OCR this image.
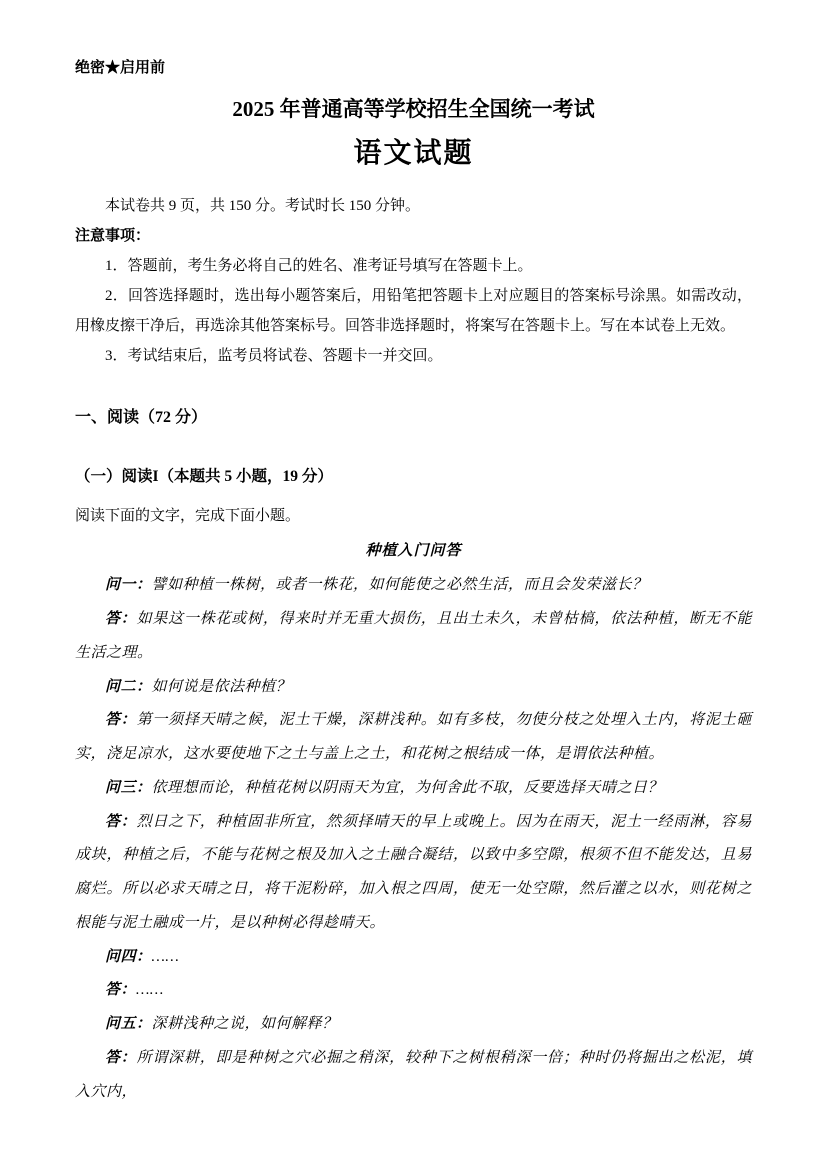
绝密★启用前
2025 年普通高等学校招生全国统一考试
语文试题

本试卷共 9 页，共 150 分。考试时长 150 分钟。

注意事项：

1．答题前，考生务必将自己的姓名、准考证号填写在答题卡上。

2．回答选择题时，选出每小题答案后，用铅笔把答题卡上对应题目的答案标号涂黑。如需改动，用橡皮擦干净后，再选涂其他答案标号。回答非选择题时，将案写在答题卡上。写在本试卷上无效。

3．考试结束后，监考员将试卷、答题卡一并交回。

一、阅读（72 分）
（一）阅读I（本题共 5 小题，19 分）

阅读下面的文字，完成下面小题。

种植入门问答

问一：譬如种植一株树，或者一株花，如何能使之必然生活，而且会发荣滋长？

答：如果这一株花或树，得来时并无重大损伤，且出土未久，未曾枯槁，依法种植，断无不能生活之理。

问二：如何说是依法种植？

答：第一须择天晴之候，泥土干燥，深耕浅种。如有多枝，勿使分枝之处埋入土内，将泥土砸实，浇足凉水，这水要使地下之土与盖上之土，和花树之根结成一体，是谓依法种植。

问三：依理想而论，种植花树以阴雨天为宜，为何舍此不取，反要选择天晴之日？

答：烈日之下，种植固非所宜，然须择晴天的早上或晚上。因为在雨天，泥土一经雨淋，容易成块，种植之后，不能与花树之根及加入之土融合凝结，以致中多空隙，根须不但不能发达，且易腐烂。所以必求天晴之日，将干泥粉碎，加入根之四周，使无一处空隙，然后灌之以水，则花树之根能与泥土融成一片，是以种树必得趁晴天。

问四：……

答：……

问五：深耕浅种之说，如何解释？

答：所谓深耕，即是种树之穴必掘之稍深，较种下之树根稍深一倍；种时仍将掘出之松泥，填入穴内，
